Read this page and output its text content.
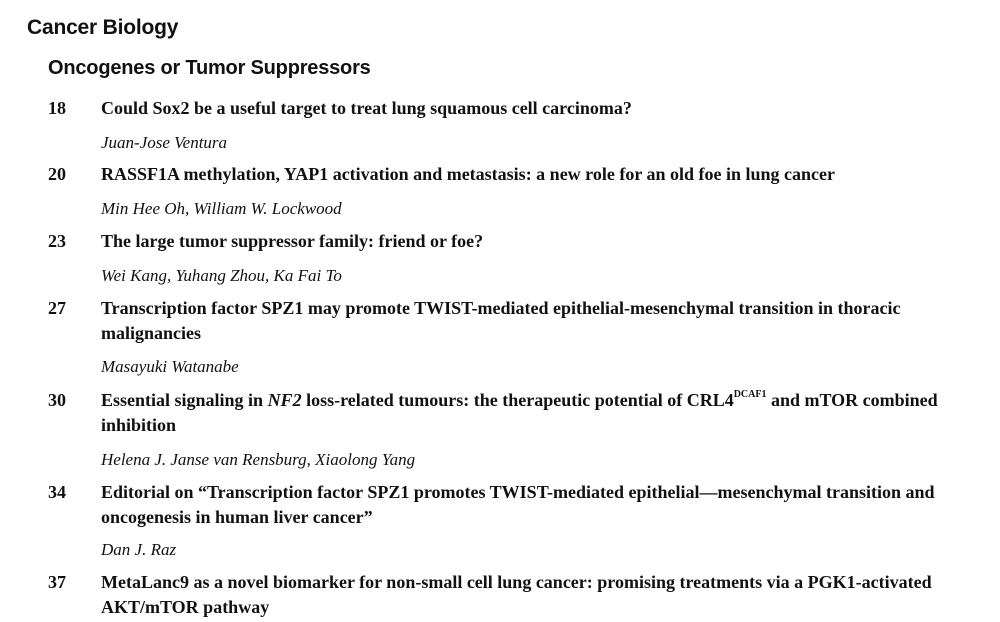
Cancer Biology
Oncogenes or Tumor Suppressors
18 Could Sox2 be a useful target to treat lung squamous cell carcinoma?
Juan-Jose Ventura
20 RASSF1A methylation, YAP1 activation and metastasis: a new role for an old foe in lung cancer
Min Hee Oh, William W. Lockwood
23 The large tumor suppressor family: friend or foe?
Wei Kang, Yuhang Zhou, Ka Fai To
27 Transcription factor SPZ1 may promote TWIST-mediated epithelial-mesenchymal transition in thoracic malignancies
Masayuki Watanabe
30 Essential signaling in NF2 loss-related tumours: the therapeutic potential of $CRL4^{DCAF1}$ and mTOR combined inhibition
Helena J. Janse van Rensburg, Xiaolong Yang
34 Editorial on “Transcription factor SPZ1 promotes TWIST-mediated epithelial—mesenchymal transition and oncogenesis in human liver cancer”
Dan J. Raz
37 MetaLanc9 as a novel biomarker for non-small cell lung cancer: promising treatments via a PGK1-activated AKT/mTOR pathway
